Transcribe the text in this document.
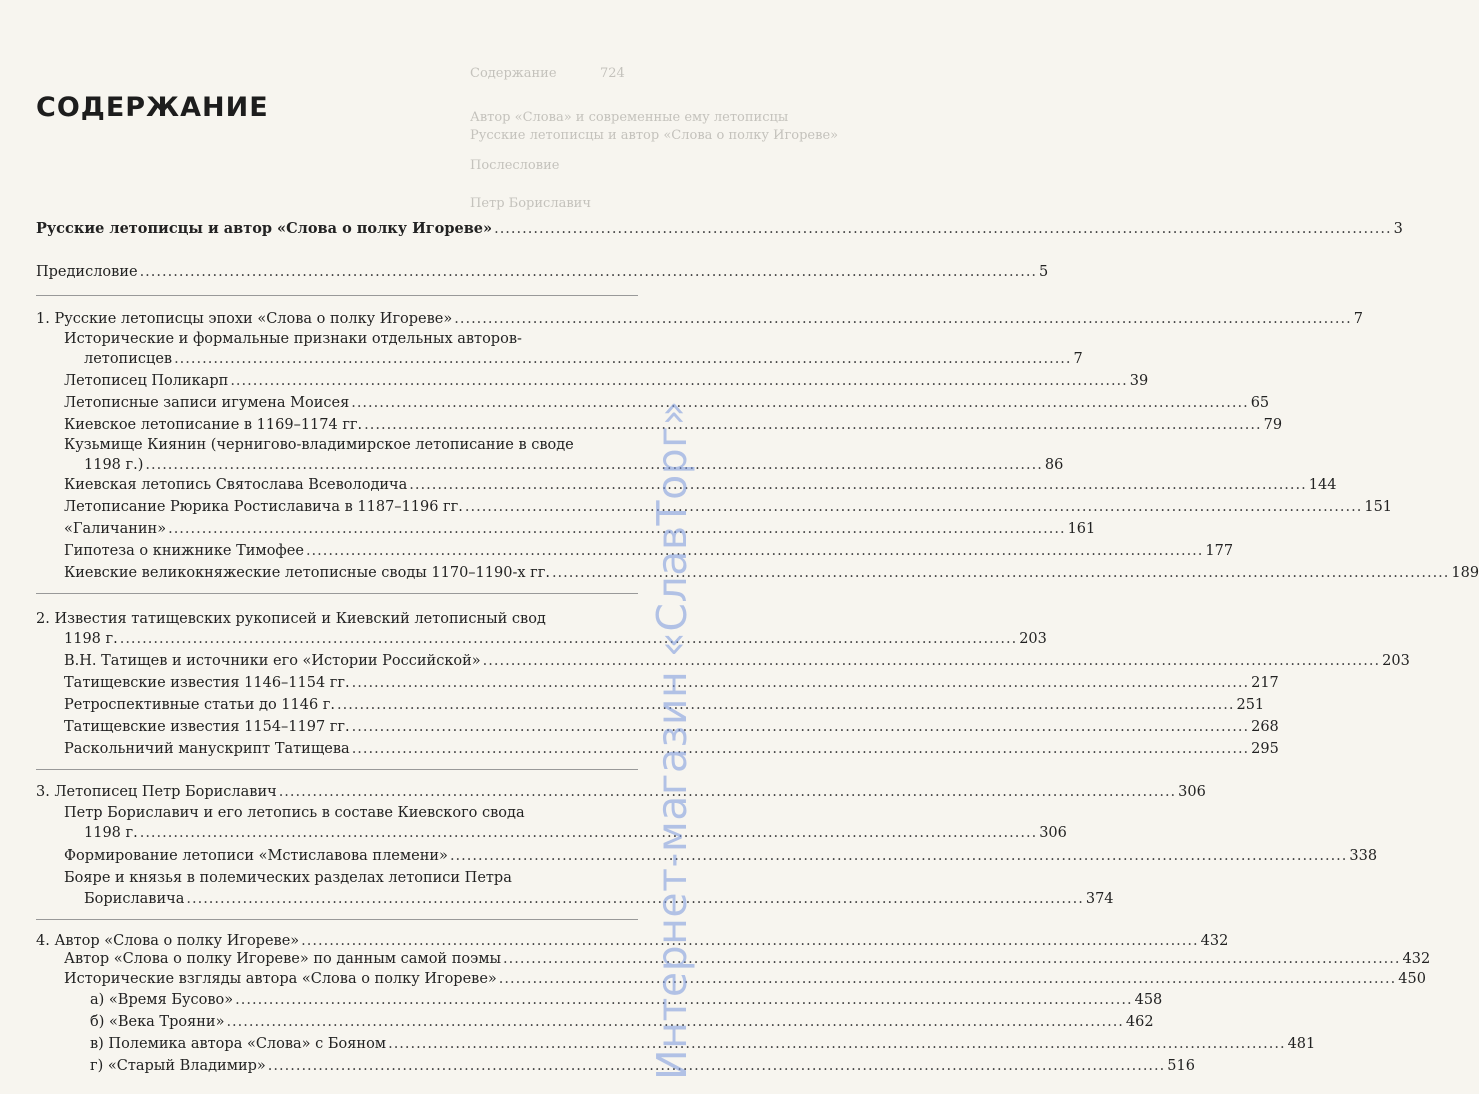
Содержание	724
Автор «Слова» и современные ему летописцы
Русские летописцы и автор «Слова о полку Игореве»
Послесловие
Петр Бориславич
СОДЕРЖАНИЕ
Русские летописцы и автор «Слова о полку Игореве» .....	3
Предисловие .....	5
1. Русские летописцы эпохи «Слова о полку Игореве» .....	7
Исторические и формальные признаки отдельных авторов-
летописцев .....	7
Летописец Поликарп .....	39
Летописные записи игумена Моисея .....	65
Киевское летописание в 1169–1174 гг. .....	79
Кузьмище Киянин (чернигово-владимирское летописание в своде
1198 г.) .....	86
Киевская летопись Святослава Всеволодича .....	144
Летописание Рюрика Ростиславича в 1187–1196 гг. .....	151
«Галичанин» .....	161
Гипотеза о книжнике Тимофее .....	177
Киевские великокняжеские летописные своды 1170–1190-х гг. .....	189
2. Известия татищевских рукописей и Киевский летописный свод
1198 г. .....	203
В.Н. Татищев и источники его «Истории Российской» .....	203
Татищевские известия 1146–1154 гг. .....	217
Ретроспективные статьи до 1146 г. .....	251
Татищевские известия 1154–1197 гг. .....	268
Раскольничий манускрипт Татищева .....	295
3. Летописец Петр Бориславич .....	306
Петр Бориславич и его летопись в составе Киевского свода
1198 г. .....	306
Формирование летописи «Мстиславова племени» .....	338
Бояре и князья в полемических разделах летописи Петра
Бориславича .....	374
4. Автор «Слова о полку Игореве» .....	432
Автор «Слова о полку Игореве» по данным самой поэмы .....	432
Исторические взгляды автора «Слова о полку Игореве» .....	450
а) «Время Бусово» .....	458
б) «Века Трояни» .....	462
в) Полемика автора «Слова» с Бояном .....	481
г) «Старый Владимир» .....	516
Интернет-магазин «СлавТорг»
